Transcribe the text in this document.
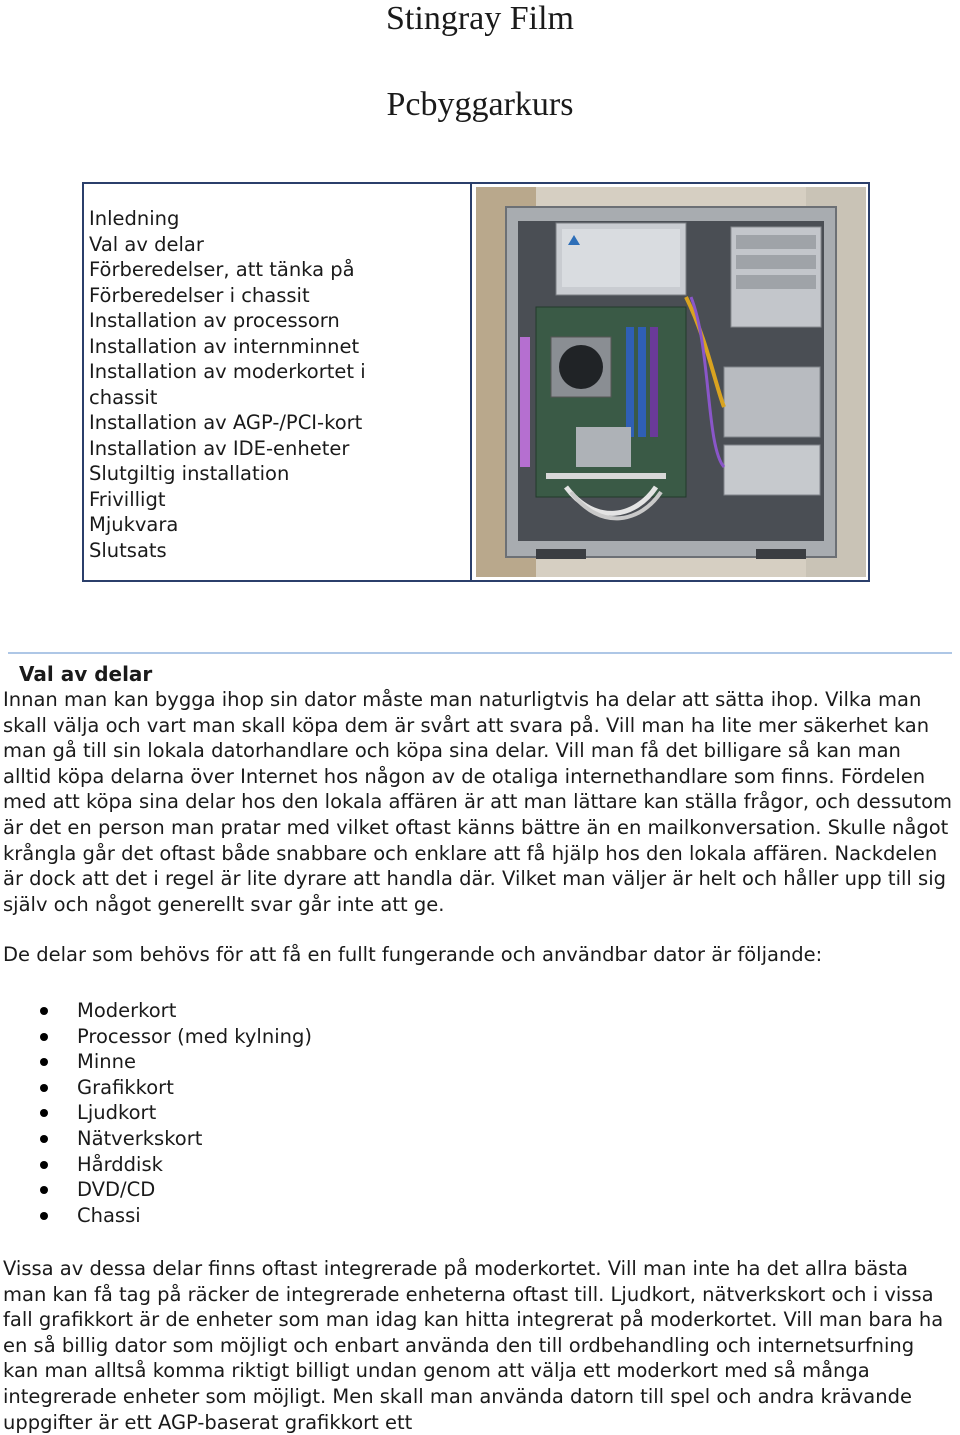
Stingray Film
Pcbyggarkurs
Inledning
Val av delar
Förberedelser, att tänka på
Förberedelser i chassit
Installation av processorn
Installation av internminnet
Installation av moderkortet i
chassit
Installation av AGP-/PCI-kort
Installation av IDE-enheter
Slutgiltig installation
Frivilligt
Mjukvara
Slutsats
Val av delar

Innan man kan bygga ihop sin dator måste man naturligtvis ha delar att sätta ihop. Vilka man skall välja och vart man skall köpa dem är svårt att svara på. Vill man ha lite mer säkerhet kan man gå till sin lokala datorhandlare och köpa sina delar. Vill man få det billigare så kan man alltid köpa delarna över Internet hos någon av de otaliga internethandlare som finns. Fördelen med att köpa sina delar hos den lokala affären är att man lättare kan ställa frågor, och dessutom är det en person man pratar med vilket oftast känns bättre än en mailkonversation. Skulle något krångla går det oftast både snabbare och enklare att få hjälp hos den lokala affären. Nackdelen är dock att det i regel är lite dyrare att handla där. Vilket man väljer är helt och håller upp till sig själv och något generellt svar går inte att ge.

De delar som behövs för att få en fullt fungerande och användbar dator är följande:

Moderkort
Processor (med kylning)
Minne
Grafikkort
Ljudkort
Nätverkskort
Hårddisk
DVD/CD
Chassi

Vissa av dessa delar finns oftast integrerade på moderkortet. Vill man inte ha det allra bästa man kan få tag på räcker de integrerade enheterna oftast till. Ljudkort, nätverkskort och i vissa fall grafikkort är de enheter som man idag kan hitta integrerat på moderkortet. Vill man bara ha en så billig dator som möjligt och enbart använda den till ordbehandling och internetsurfning kan man alltså komma riktigt billigt undan genom att välja ett moderkort med så många integrerade enheter som möjligt. Men skall man använda datorn till spel och andra krävande uppgifter är ett AGP-baserat grafikkort ett
